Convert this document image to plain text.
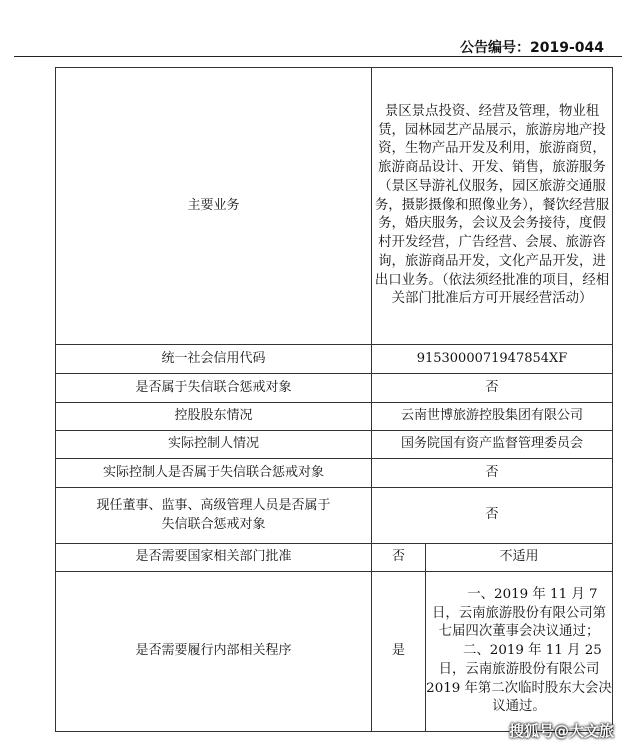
公告编号：2019-044
主要业务	景区景点投资、经营及管理，物业租赁，园林园艺产品展示，旅游房地产投资，生物产品开发及利用，旅游商贸，旅游商品设计、开发、销售，旅游服务（景区导游礼仪服务，园区旅游交通服务，摄影摄像和照像业务），餐饮经营服务，婚庆服务，会议及会务接待，度假村开发经营，广告经营、会展、旅游咨询，旅游商品开发，文化产品开发，进出口业务。（依法须经批准的项目，经相关部门批准后方可开展经营活动）	

统一社会信用代码	9153000071947854XF	
是否属于失信联合惩戒对象	否	
控股股东情况	云南世博旅游控股集团有限公司	
实际控制人情况	国务院国有资产监督管理委员会	
实际控制人是否属于失信联合惩戒对象	否	

现任董事、监事、高级管理人员是否属于
失信联合惩戒对象	否	
是否需要国家相关部门批准	否	不适用
是否需要履行内部相关程序	是	一、2019 年 11 月 7 日，云南旅游股份有限公司第七届四次董事会决议通过；

二、2019 年 11 月 25 日，云南旅游股份有限公司 2019 年第二次临时股东大会决议通过。

搜狐号@大文旅
